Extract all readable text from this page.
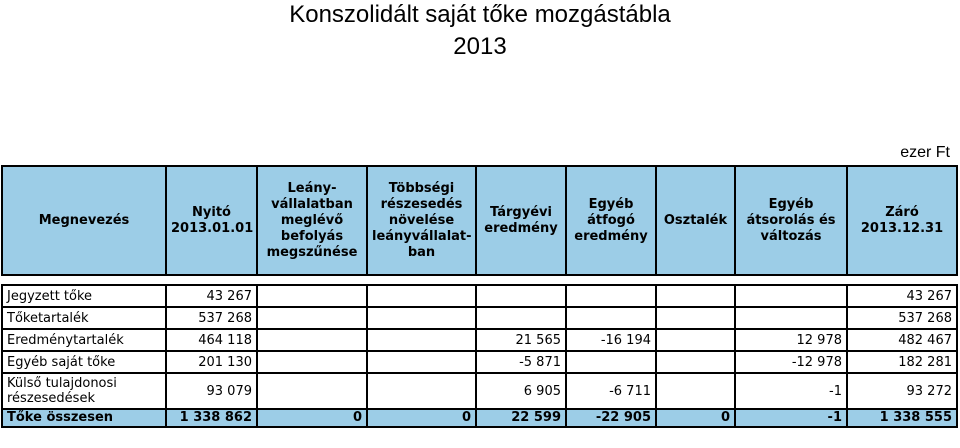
Konszolidált saját tőke mozgástábla
2013
ezer Ft
Megnevezés	Nyitó 2013.01.01	Leány-vállalatban meglévő befolyás megszűnése	Többségi részesedés növelése leányvállalat-ban	Tárgyévi eredmény	Egyéb átfogó eredmény	Osztalék	Egyéb átsorolás és változás	Záró 2013.12.31

Jegyzett tőke	43 267							43 267
Tőketartalék	537 268							537 268
Eredménytartalék	464 118			21 565	-16 194		12 978	482 467
Egyéb saját tőke	201 130			-5 871			-12 978	182 281
Külső tulajdonosi részesedések	93 079			6 905	-6 711		-1	93 272
Tőke összesen	1 338 862	0	0	22 599	-22 905	0	-1	1 338 555
